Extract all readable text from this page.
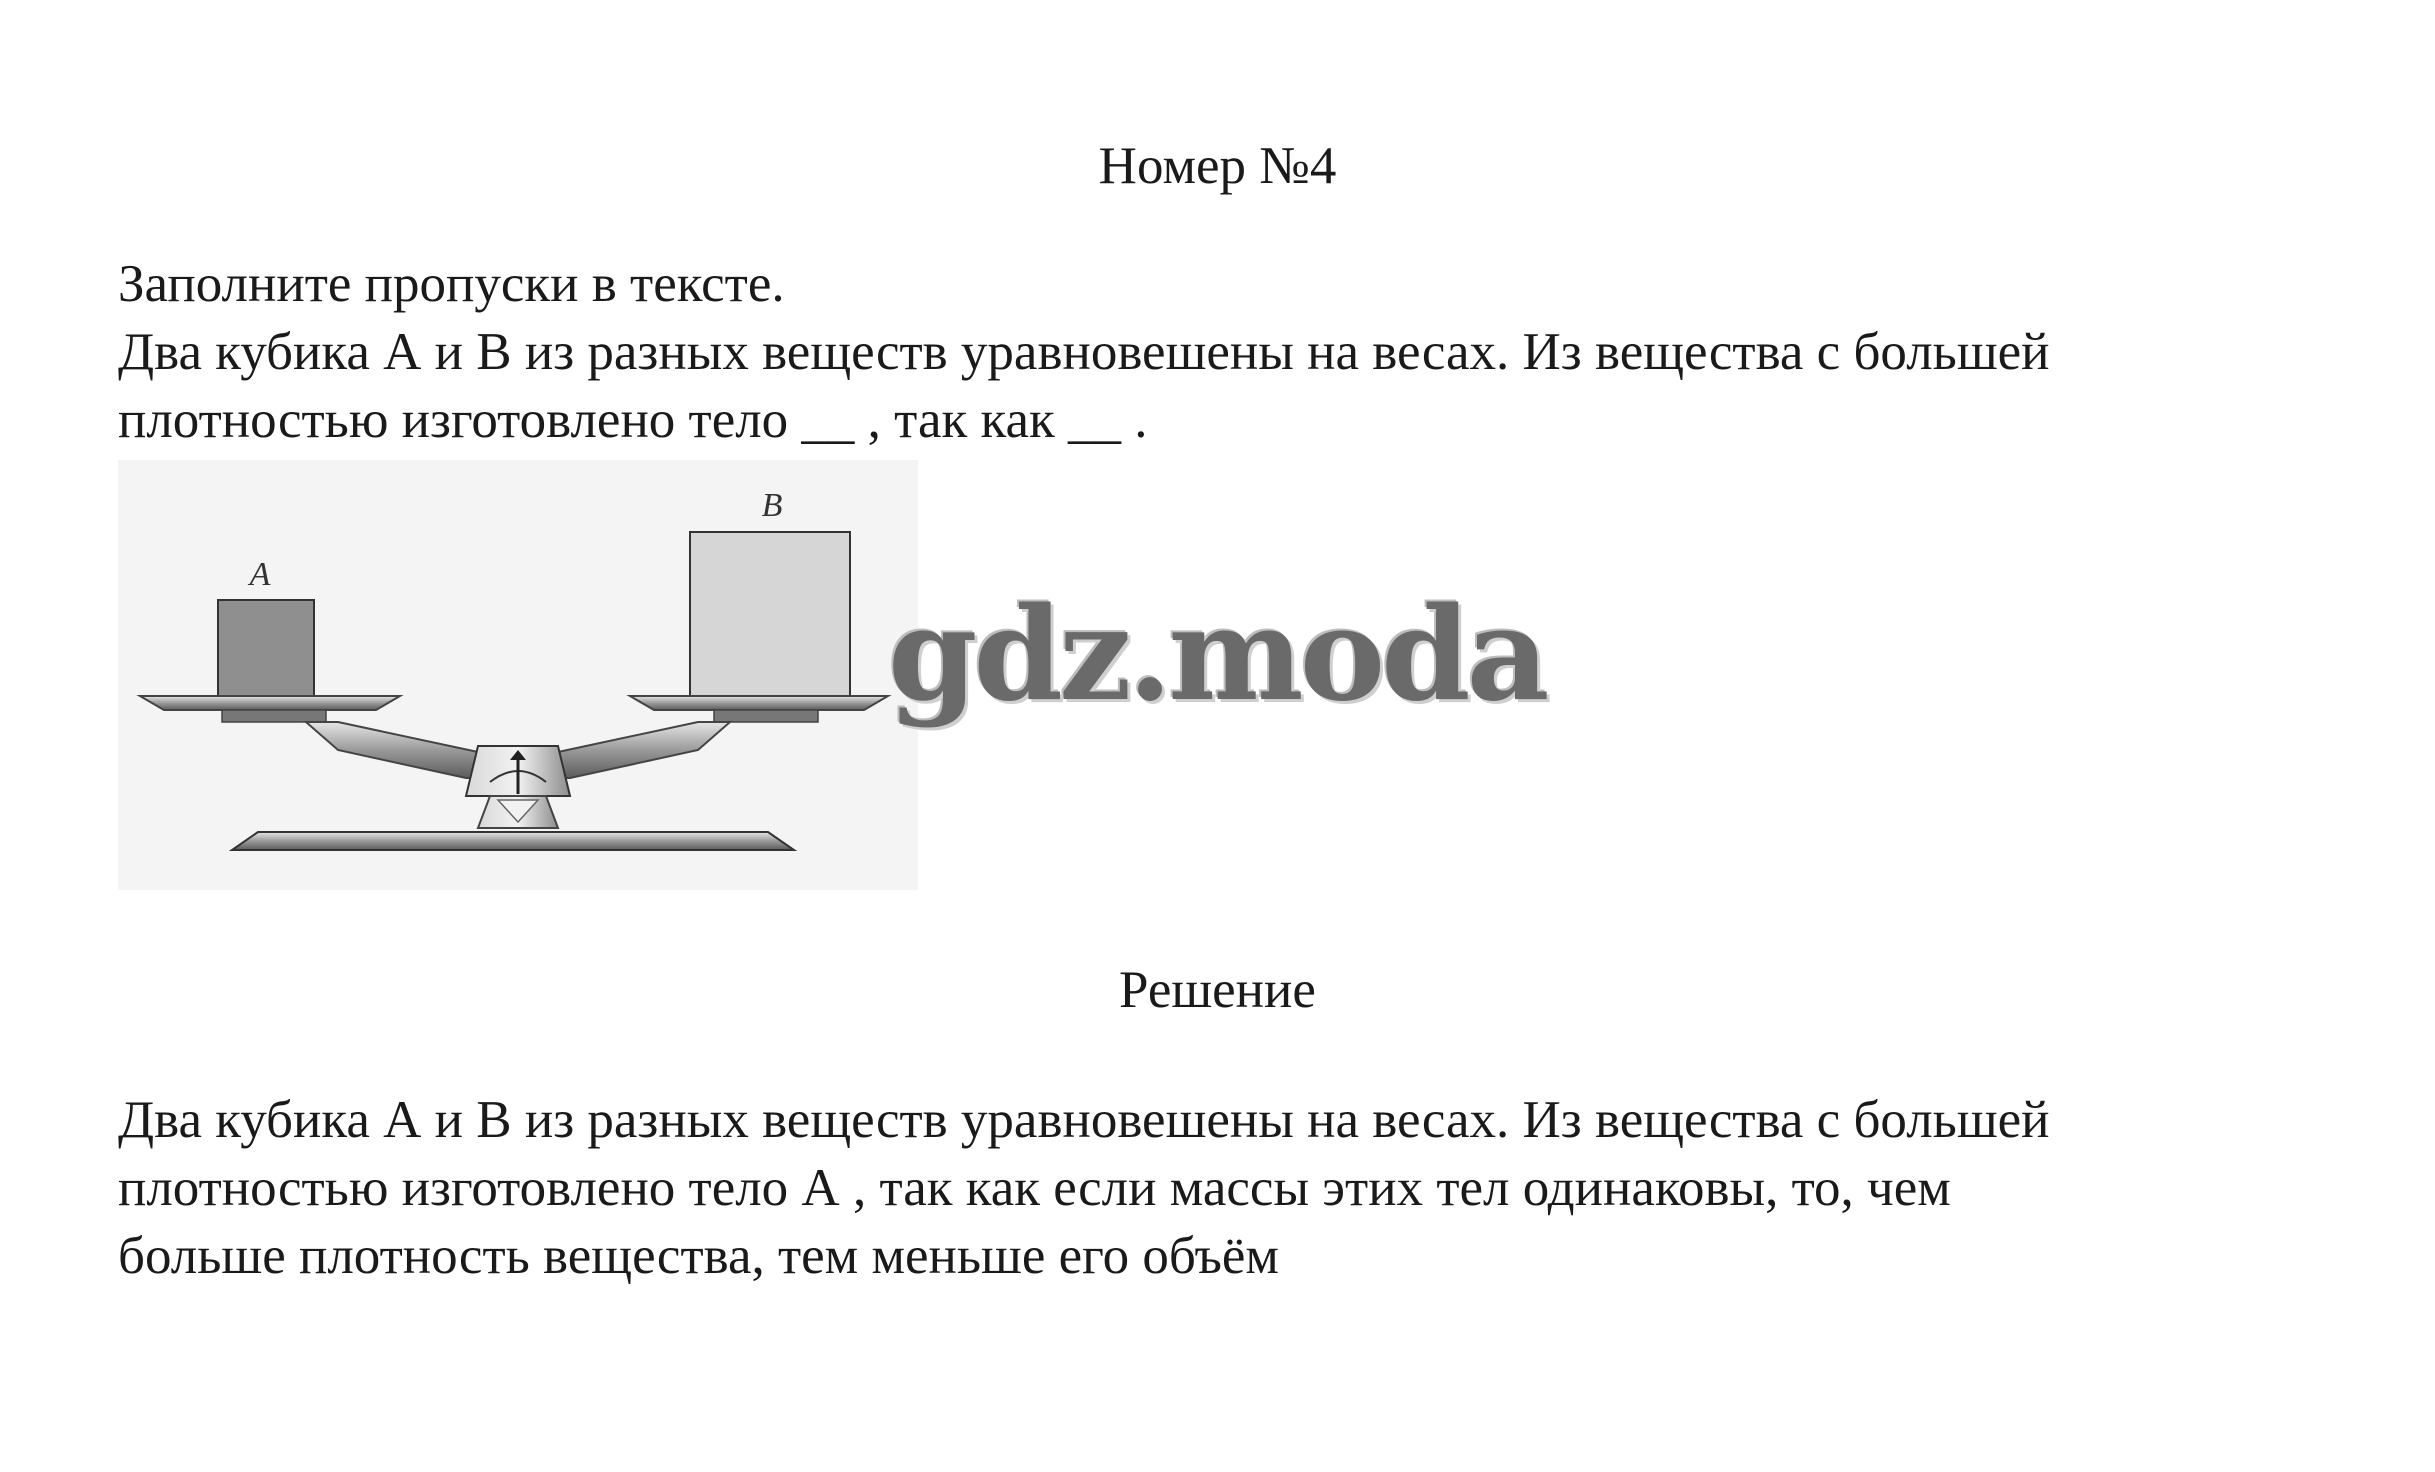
Номер №4
Заполните пропуски в тексте.
Два кубика А и В из разных веществ уравновешены на весах. Из вещества с большей
плотностью изготовлено тело __ , так как __ .
A
B
gdz.moda
Решение
Два кубика А и В из разных веществ уравновешены на весах. Из вещества с большей
плотностью изготовлено тело А , так как если массы этих тел одинаковы, то, чем
больше плотность вещества, тем меньше его объём
